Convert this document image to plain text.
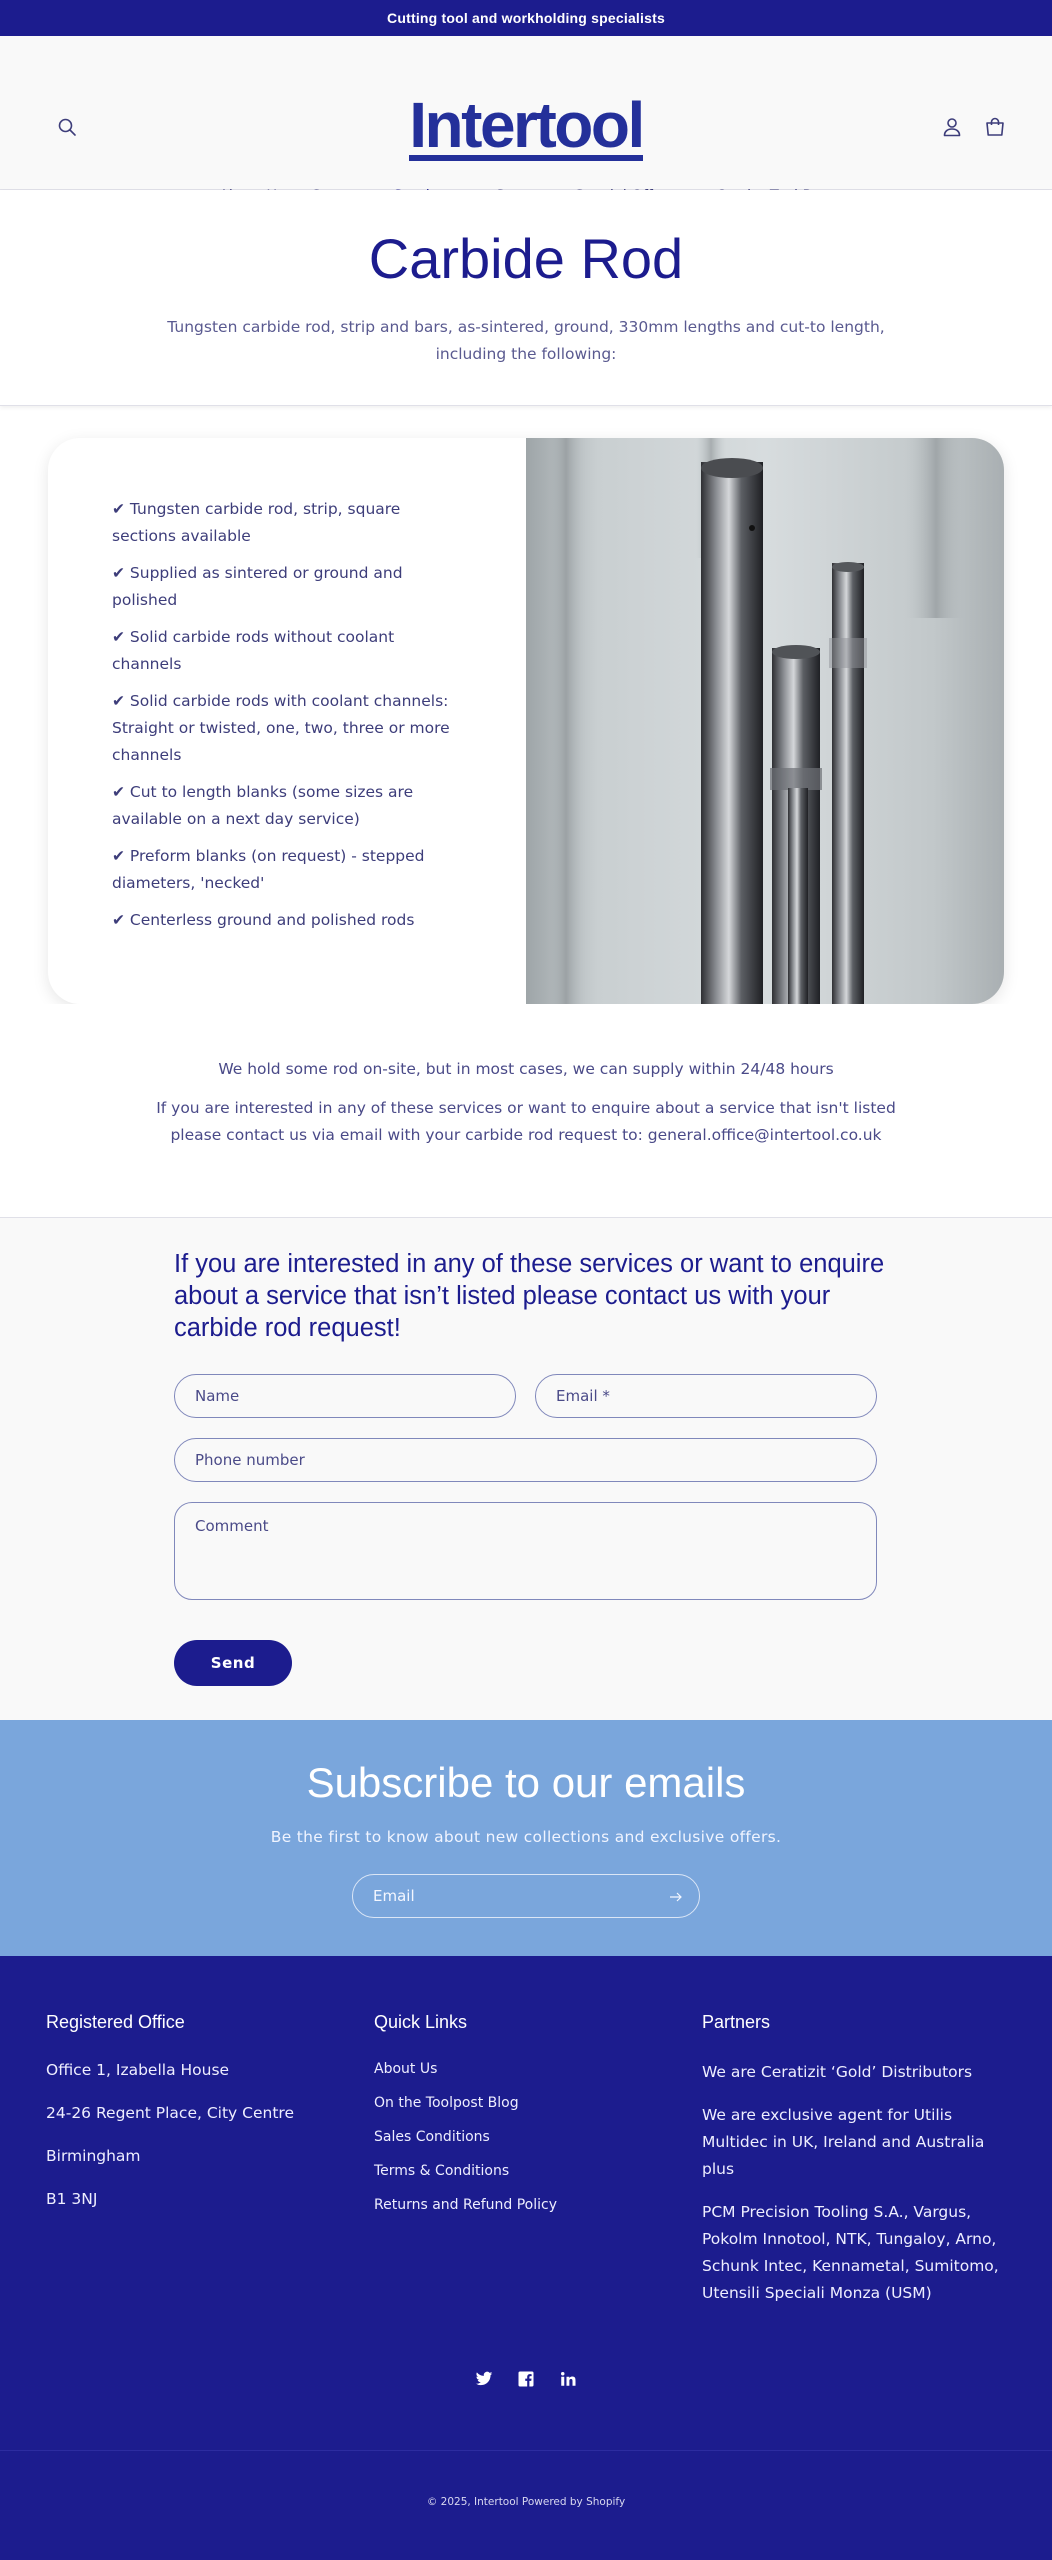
Cutting tool and workholding specialists
Intertool
Carbide Rod

Tungsten carbide rod, strip and bars, as-sintered, ground, 330mm lengths and cut-to length, including the following:

✔ Tungsten carbide rod, strip, square sections available
✔ Supplied as sintered or ground and polished
✔ Solid carbide rods without coolant channels
✔ Solid carbide rods with coolant channels: Straight or twisted, one, two, three or more channels
✔ Cut to length blanks (some sizes are available on a next day service)
✔ Preform blanks (on request) - stepped diameters, 'necked'
✔ Centerless ground and polished rods

We hold some rod on-site, but in most cases, we can supply within 24/48 hours

If you are interested in any of these services or want to enquire about a service that isn't listed please contact us via email with your carbide rod request to: general.office@intertool.co.uk

If you are interested in any of these services or want to enquire about a service that isn’t listed please contact us with your carbide rod request!
Name	Email *
Phone number
Comment
Send
Subscribe to our emails

Be the first to know about new collections and exclusive offers.

Email
Registered Office

Office 1, Izabella House

24-26 Regent Place, City Centre

Birmingham

B1 3NJ

Quick Links

About Us

On the Toolpost Blog

Sales Conditions

Terms & Conditions

Returns and Refund Policy

Partners

We are Ceratizit ‘Gold’ Distributors

We are exclusive agent for Utilis Multidec in UK, Ireland and Australia plus

PCM Precision Tooling S.A., Vargus, Pokolm Innotool, NTK, Tungaloy, Arno, Schunk Intec, Kennametal, Sumitomo, Utensili Speciali Monza (USM)

© 2025, Intertool Powered by Shopify
